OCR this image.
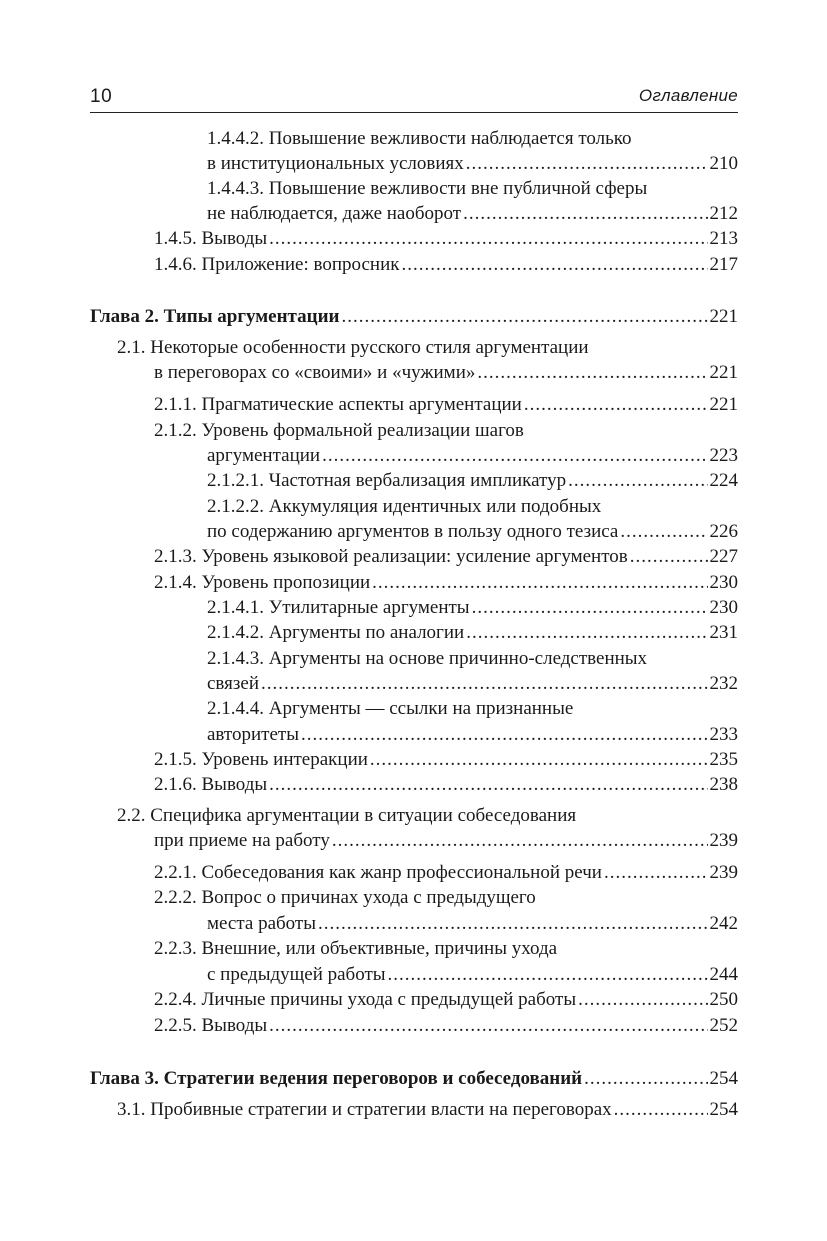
10	Оглавление
1.4.4.2. Повышение вежливости наблюдается только
в институциональных условиях .....	210
1.4.4.3. Повышение вежливости вне публичной сферы
не наблюдается, даже наоборот .....	212
1.4.5. Выводы .....	213
1.4.6. Приложение: вопросник .....	217
Глава 2. Типы аргументации .....	221
2.1. Некоторые особенности русского стиля аргументации
в переговорах со «своими» и «чужими» .....	221
2.1.1. Прагматические аспекты аргументации .....	221
2.1.2. Уровень формальной реализации шагов
аргументации .....	223
2.1.2.1. Частотная вербализация импликатур .....	224
2.1.2.2. Аккумуляция идентичных или подобных
по содержанию аргументов в пользу одного тезиса .....	226
2.1.3. Уровень языковой реализации: усиление аргументов .....	227
2.1.4. Уровень пропозиции .....	230
2.1.4.1. Утилитарные аргументы .....	230
2.1.4.2. Аргументы по аналогии .....	231
2.1.4.3. Аргументы на основе причинно-следственных
связей .....	232
2.1.4.4. Аргументы — ссылки на признанные
авторитеты .....	233
2.1.5. Уровень интеракции .....	235
2.1.6. Выводы .....	238
2.2. Специфика аргументации в ситуации собеседования
при приеме на работу .....	239
2.2.1. Собеседования как жанр профессиональной речи .....	239
2.2.2. Вопрос о причинах ухода с предыдущего
места работы .....	242
2.2.3. Внешние, или объективные, причины ухода
с предыдущей работы .....	244
2.2.4. Личные причины ухода с предыдущей работы .....	250
2.2.5. Выводы .....	252
Глава 3. Стратегии ведения переговоров и собеседований .....	254
3.1. Пробивные стратегии и стратегии власти на переговорах .....	254
